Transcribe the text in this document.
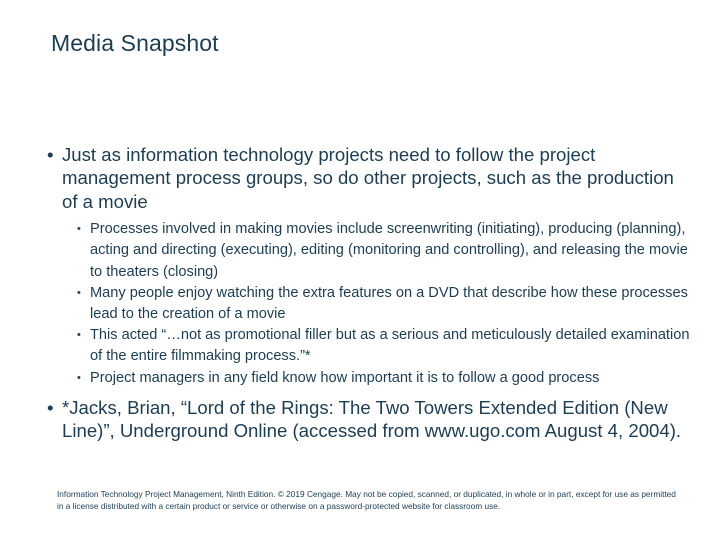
Media Snapshot
• Just as information technology projects need to follow the project management process groups, so do other projects, such as the production of a movie
• Processes involved in making movies include screenwriting (initiating), producing (planning), acting and directing (executing), editing (monitoring and controlling), and releasing the movie to theaters (closing)
• Many people enjoy watching the extra features on a DVD that describe how these processes lead to the creation of a movie
• This acted “…not as promotional filler but as a serious and meticulously detailed examination of the entire filmmaking process.”*
• Project managers in any field know how important it is to follow a good process
• *Jacks, Brian, “Lord of the Rings: The Two Towers Extended Edition (New Line)”, Underground Online (accessed from www.ugo.com August 4, 2004).
Information Technology Project Management, Ninth Edition. © 2019 Cengage. May not be copied, scanned, or duplicated, in whole or in part, except for use as permitted in a license distributed with a certain product or service or otherwise on a password-protected website for classroom use.
